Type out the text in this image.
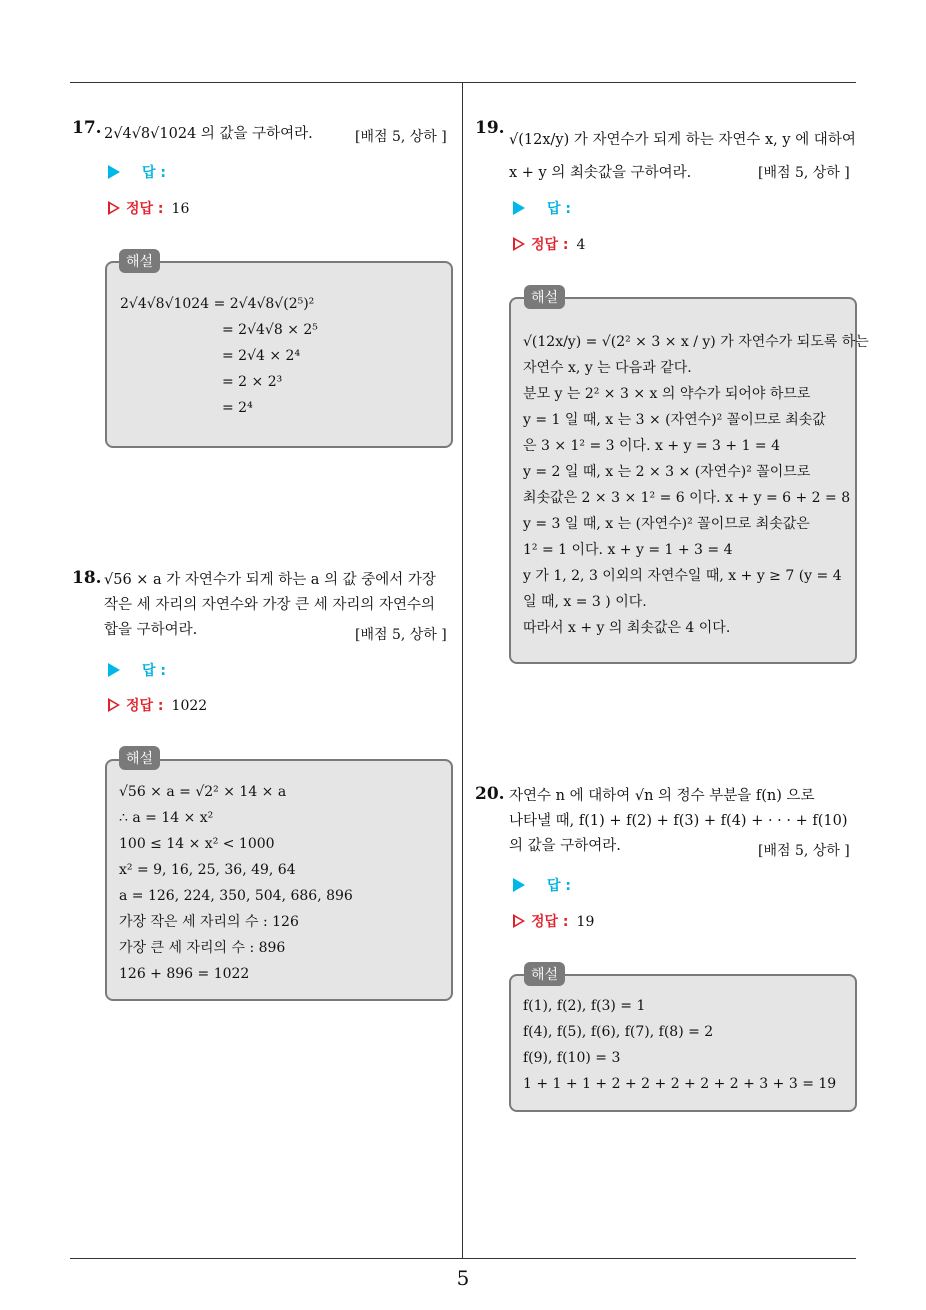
5
17. 2√4√8√1024 의 값을 구하여라.	[배점 5, 상하 ]
답 :
정답 : 16
2√4√8√1024 = 2√4√8√(2⁵)²
= 2√4√8 × 2⁵
= 2√4 × 2⁴
= 2 × 2³
= 2⁴
해설
18. √56 × a 가 자연수가 되게 하는 a 의 값 중에서 가장
작은 세 자리의 자연수와 가장 큰 세 자리의 자연수의
합을 구하여라.	[배점 5, 상하 ]
답 :
정답 : 1022
√56 × a = √2² × 14 × a
∴ a = 14 × x²
100 ≤ 14 × x² < 1000
x² = 9, 16, 25, 36, 49, 64
a = 126, 224, 350, 504, 686, 896
가장 작은 세 자리의 수 : 126
가장 큰 세 자리의 수 : 896
126 + 896 = 1022
해설
19.
√(12x/y) 가 자연수가 되게 하는 자연수 x, y 에 대하여
x + y 의 최솟값을 구하여라.	[배점 5, 상하 ]
답 :
정답 : 4
√(12x/y) = √(2² × 3 × x / y) 가 자연수가 되도록 하는
자연수 x, y 는 다음과 같다.
분모 y 는 2² × 3 × x 의 약수가 되어야 하므로
y = 1 일 때, x 는 3 × (자연수)² 꼴이므로 최솟값
은 3 × 1² = 3 이다. x + y = 3 + 1 = 4
y = 2 일 때, x 는 2 × 3 × (자연수)² 꼴이므로
최솟값은 2 × 3 × 1² = 6 이다. x + y = 6 + 2 = 8
y = 3 일 때, x 는 (자연수)² 꼴이므로 최솟값은
1² = 1 이다. x + y = 1 + 3 = 4
y 가 1, 2, 3 이외의 자연수일 때, x + y ≥ 7 (y = 4
일 때, x = 3 ) 이다.
따라서 x + y 의 최솟값은 4 이다.
해설
20. 자연수 n 에 대하여 √n 의 정수 부분을 f(n) 으로
나타낼 때, f(1) + f(2) + f(3) + f(4) + · · · + f(10)
의 값을 구하여라.	[배점 5, 상하 ]
답 :
정답 : 19
f(1), f(2), f(3) = 1
f(4), f(5), f(6), f(7), f(8) = 2
f(9), f(10) = 3
1 + 1 + 1 + 2 + 2 + 2 + 2 + 2 + 3 + 3 = 19
해설
